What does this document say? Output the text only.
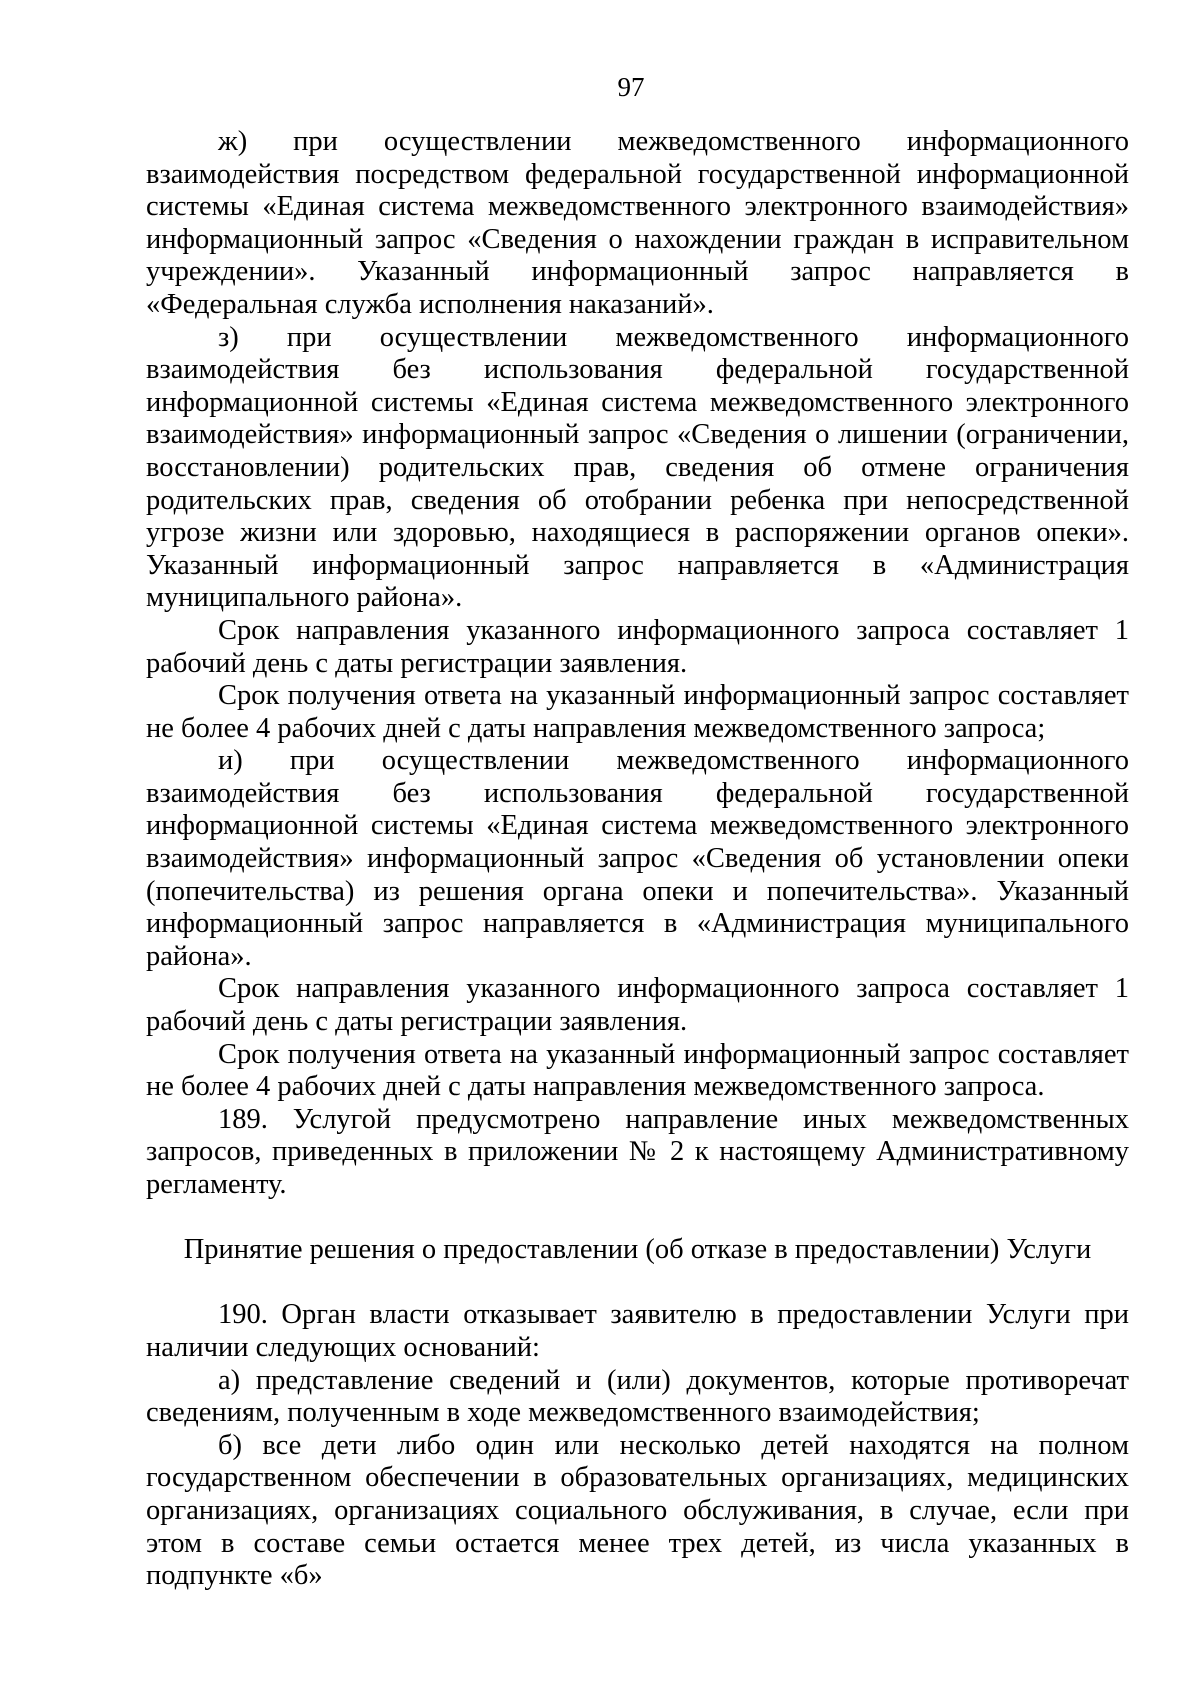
97

ж) при осуществлении межведомственного информационного взаимодействия посредством федеральной государственной информационной системы «Единая система межведомственного электронного взаимодействия» информационный запрос «Сведения о нахождении граждан в исправительном учреждении». Указанный информационный запрос направляется в «Федеральная служба исполнения наказаний».

з) при осуществлении межведомственного информационного взаимодействия без использования федеральной государственной информационной системы «Единая система межведомственного электронного взаимодействия» информационный запрос «Сведения о лишении (ограничении, восстановлении) родительских прав, сведения об отмене ограничения родительских прав, сведения об отобрании ребенка при непосредственной угрозе жизни или здоровью, находящиеся в распоряжении органов опеки». Указанный информационный запрос направляется в «Администрация муниципального района».

Срок направления указанного информационного запроса составляет 1 рабочий день с даты регистрации заявления.

Срок получения ответа на указанный информационный запрос составляет не более 4 рабочих дней с даты направления межведомственного запроса;

и) при осуществлении межведомственного информационного взаимодействия без использования федеральной государственной информационной системы «Единая система межведомственного электронного взаимодействия» информационный запрос «Сведения об установлении опеки (попечительства) из решения органа опеки и попечительства». Указанный информационный запрос направляется в «Администрация муниципального района».

Срок направления указанного информационного запроса составляет 1 рабочий день с даты регистрации заявления.

Срок получения ответа на указанный информационный запрос составляет не более 4 рабочих дней с даты направления межведомственного запроса.

189. Услугой предусмотрено направление иных межведомственных запросов, приведенных в приложении № 2 к настоящему Административному регламенту.

Принятие решения о предоставлении (об отказе в предоставлении) Услуги

190. Орган власти отказывает заявителю в предоставлении Услуги при наличии следующих оснований:

а) представление сведений и (или) документов, которые противоречат сведениям, полученным в ходе межведомственного взаимодействия;

б) все дети либо один или несколько детей находятся на полном государственном обеспечении в образовательных организациях, медицинских организациях, организациях социального обслуживания, в случае, если при этом в составе семьи остается менее трех детей, из числа указанных в подпункте «б»
